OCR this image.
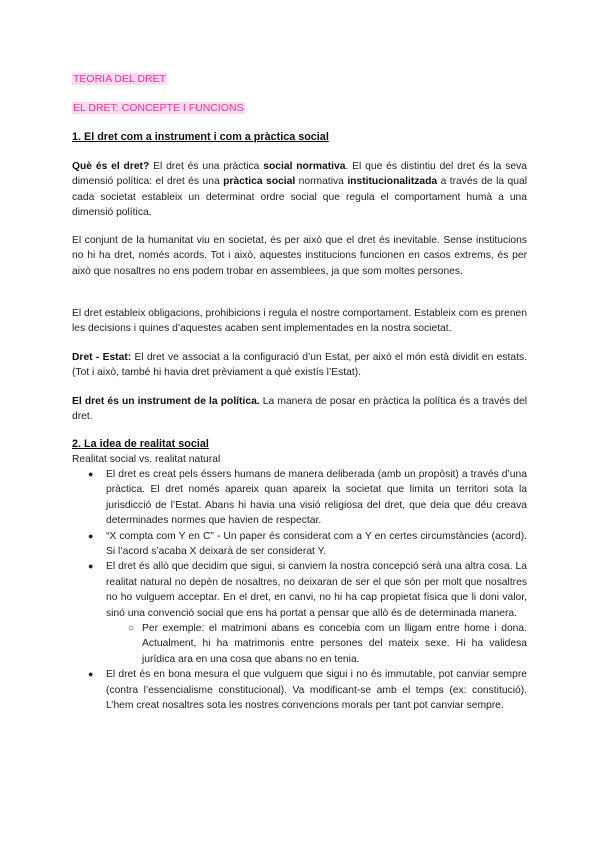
TEORIA DEL DRET
EL DRET: CONCEPTE I FUNCIONS
1. El dret com a instrument i com a pràctica social
Què és el dret? El dret és una pràctica social normativa. El que és distintiu del dret és la seva dimensió política: el dret és una pràctica social normativa institucionalitzada a través de la qual cada societat estableix un determinat ordre social que regula el comportament humà a una dimensió política.
El conjunt de la humanitat viu en societat, és per això que el dret és inevitable. Sense institucions no hi ha dret, només acords. Tot i això, aquestes institucions funcionen en casos extrems, és per això que nosaltres no ens podem trobar en assemblees, ja que som moltes persones.
El dret estableix obligacions, prohibicions i regula el nostre comportament. Estableix com es prenen les decisions i quines d’aquestes acaben sent implementades en la nostra societat.
Dret - Estat: El dret ve associat a la configuració d’un Estat, per això el món està dividit en estats. (Tot i això, també hi havia dret prèviament a què existís l’Estat).
El dret és un instrument de la política. La manera de posar en pràctica la política és a través del dret.
2. La idea de realitat social
Realitat social vs. realitat natural
● El dret es creat pels éssers humans de manera deliberada (amb un propòsit) a través d’una pràctica. El dret només apareix quan apareix la societat que limita un territori sota la jurisdicció de l’Estat. Abans hi havia una visió religiosa del dret, que deia que déu creava determinades normes que havien de respectar.
● “X compta com Y en C” - Un paper és considerat com a Y en certes circumstàncies (acord). Si l’acord s’acaba X deixarà de ser considerat Y.
● El dret és allò que decidim que sigui, si canviem la nostra concepció serà una altra cosa. La realitat natural no depèn de nosaltres, no deixaran de ser el que són per molt que nosaltres no ho vulguem acceptar. En el dret, en canvi, no hi ha cap propietat física que li doni valor, sinó una convenció social que ens ha portat a pensar que allò és de determinada manera.
○ Per exemple: el matrimoni abans es concebia com un lligam entre home i dona. Actualment, hi ha matrimonis entre persones del mateix sexe. Hi ha validesa jurídica ara en una cosa que abans no en tenia.
● El dret és en bona mesura el que vulguem que sigui i no és immutable, pot canviar sempre (contra l’essencialisme constitucional). Va modificant-se amb el temps (ex: constitució). L’hem creat nosaltres sota les nostres convencions morals per tant pot canviar sempre.
